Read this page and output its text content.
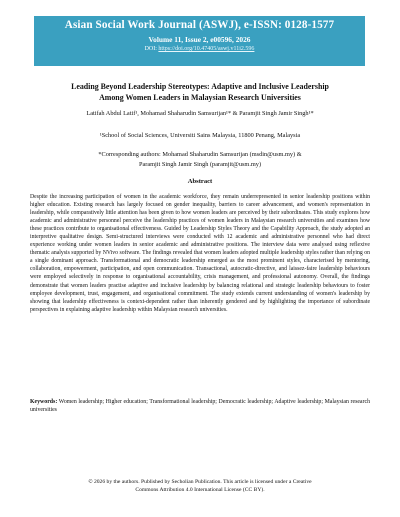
Asian Social Work Journal (ASWJ), e-ISSN: 0128-1577
Volume 11, Issue 2, e00596, 2026
DOI: https://doi.org/10.47405/aswj.v11i2.596
Leading Beyond Leadership Stereotypes: Adaptive and Inclusive Leadership
Among Women Leaders in Malaysian Research Universities
Latifah Abdul Latif¹, Mohamad Shaharudin Samsurijan¹* & Paramjit Singh Jamir Singh¹*
¹School of Social Sciences, Universiti Sains Malaysia, 11800 Penang, Malaysia
*Corresponding authors: Mohamad Shaharudin Samsurijan (msdin@usm.my) &
Paramjit Singh Jamir Singh (paramjit@usm.my)
Abstract
Despite the increasing participation of women in the academic workforce, they remain underrepresented in senior leadership positions within higher education. Existing research has largely focused on gender inequality, barriers to career advancement, and women's representation in leadership, while comparatively little attention has been given to how women leaders are perceived by their subordinates. This study explores how academic and administrative personnel perceive the leadership practices of women leaders in Malaysian research universities and examines how these practices contribute to organisational effectiveness. Guided by Leadership Styles Theory and the Capability Approach, the study adopted an interpretive qualitative design. Semi-structured interviews were conducted with 12 academic and administrative personnel who had direct experience working under women leaders in senior academic and administrative positions. The interview data were analysed using reflexive thematic analysis supported by NVivo software. The findings revealed that women leaders adopted multiple leadership styles rather than relying on a single dominant approach. Transformational and democratic leadership emerged as the most prominent styles, characterised by mentoring, collaboration, empowerment, participation, and open communication. Transactional, autocratic-directive, and laissez-faire leadership behaviours were employed selectively in response to organisational accountability, crisis management, and professional autonomy. Overall, the findings demonstrate that women leaders practise adaptive and inclusive leadership by balancing relational and strategic leadership behaviours to foster employee development, trust, engagement, and organisational commitment. The study extends current understanding of women's leadership by showing that leadership effectiveness is context-dependent rather than inherently gendered and by highlighting the importance of subordinate perspectives in explaining adaptive leadership within Malaysian research universities.
Keywords: Women leadership; Higher education; Transformational leadership; Democratic leadership; Adaptive leadership; Malaysian research universities
© 2026 by the authors. Published by Secholian Publication. This article is licensed under a Creative
Commons Attribution 4.0 International License (CC BY).
